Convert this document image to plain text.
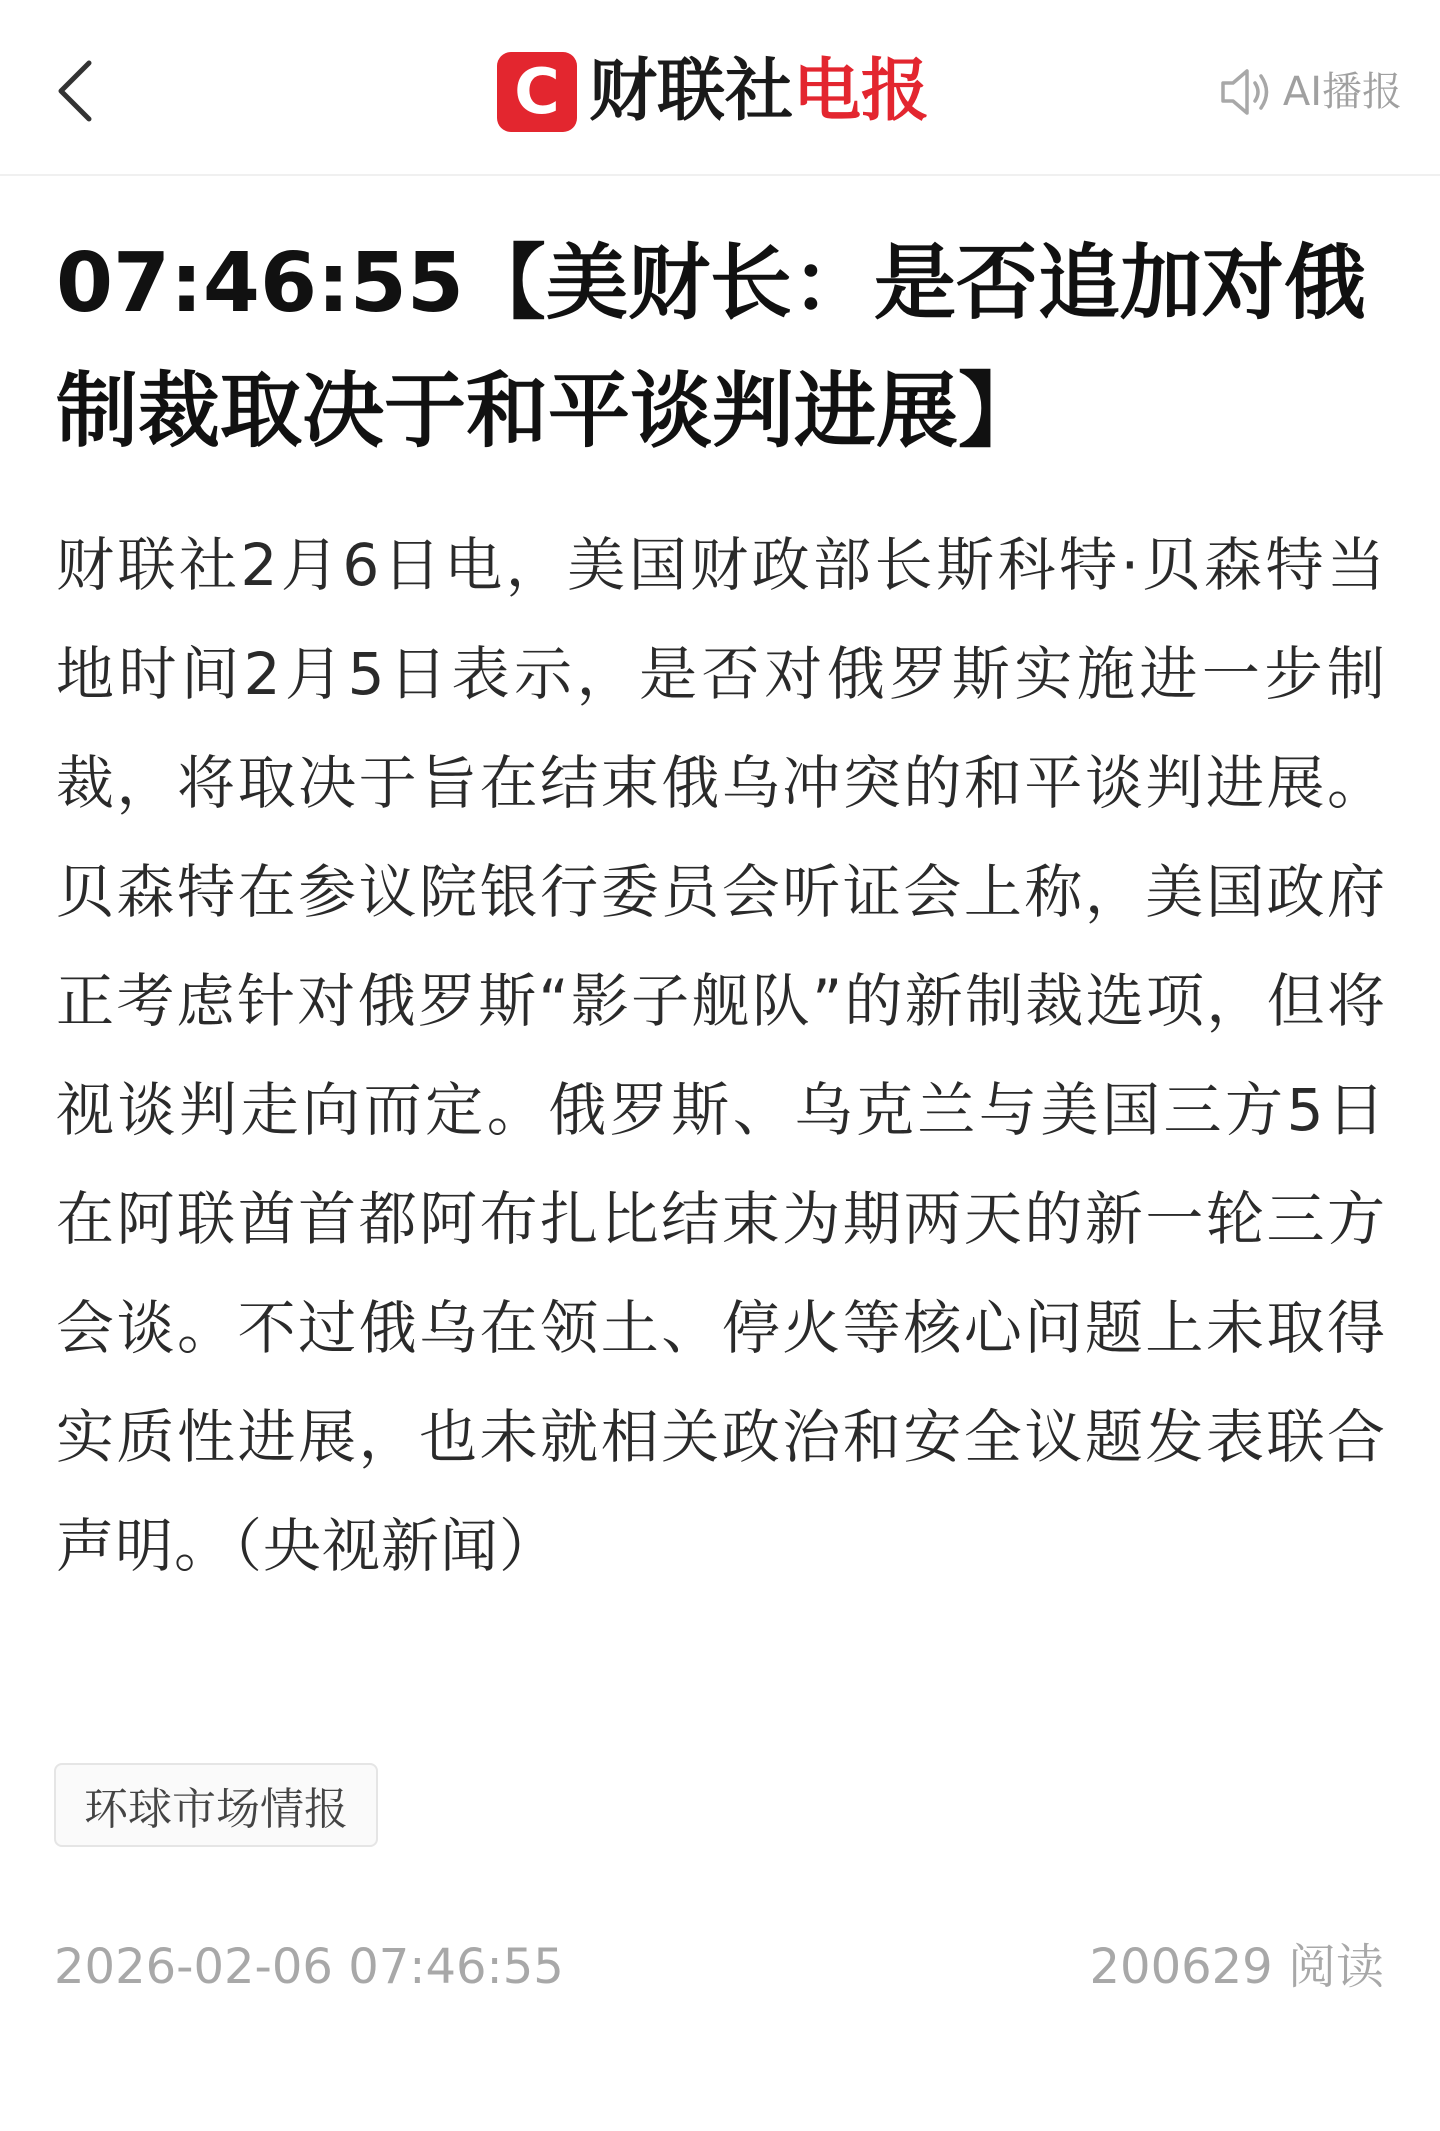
C 财联社电报	AI播报
07:46:55【美财长：是否追加对俄制裁取决于和平谈判进展】

财联社2月6日电，美国财政部长斯科特·贝森特当地时间2月5日表示，是否对俄罗斯实施进一步制裁，将取决于旨在结束俄乌冲突的和平谈判进展。贝森特在参议院银行委员会听证会上称，美国政府正考虑针对俄罗斯“影子舰队”的新制裁选项，但将视谈判走向而定。俄罗斯、乌克兰与美国三方5日在阿联酋首都阿布扎比结束为期两天的新一轮三方会谈。不过俄乌在领土、停火等核心问题上未取得实质性进展，也未就相关政治和安全议题发表联合声明。（央视新闻）

环球市场情报
2026-02-06 07:46:55	200629 阅读
